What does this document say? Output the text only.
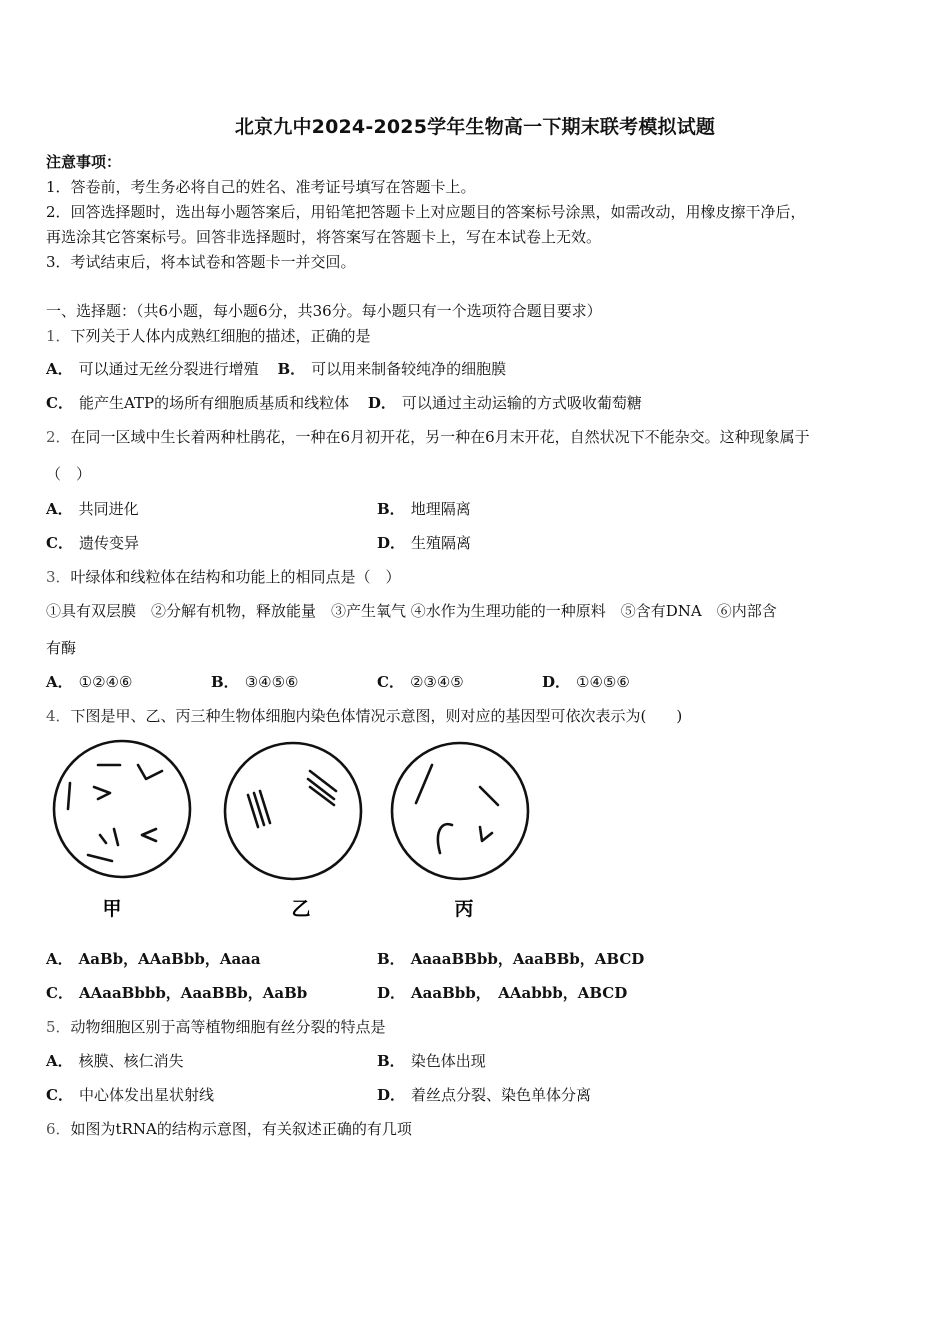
北京九中2024-2025学年生物高一下期末联考模拟试题
注意事项：
1．答卷前，考生务必将自己的姓名、准考证号填写在答题卡上。
2．回答选择题时，选出每小题答案后，用铅笔把答题卡上对应题目的答案标号涂黑，如需改动，用橡皮擦干净后，
再选涂其它答案标号。回答非选择题时，将答案写在答题卡上，写在本试卷上无效。
3．考试结束后，将本试卷和答题卡一并交回。
一、选择题：（共6小题，每小题6分，共36分。每小题只有一个选项符合题目要求）
1．下列关于人体内成熟红细胞的描述，正确的是
A． 可以通过无丝分裂进行增殖 B． 可以用来制备较纯净的细胞膜
C． 能产生ATP的场所有细胞质基质和线粒体 D． 可以通过主动运输的方式吸收葡萄糖
2．在同一区域中生长着两种杜鹃花，一种在6月初开花，另一种在6月末开花，自然状况下不能杂交。这种现象属于
（　）
A． 共同进化	B． 地理隔离
C． 遗传变异	D． 生殖隔离
3．叶绿体和线粒体在结构和功能上的相同点是（　）
①具有双层膜　②分解有机物，释放能量　③产生氧气 ④水作为生理功能的一种原料　⑤含有DNA　⑥内部含
有酶
A． ①②④⑥	B． ③④⑤⑥	C． ②③④⑤	D． ①④⑤⑥
4．下图是甲、乙、丙三种生物体细胞内染色体情况示意图，则对应的基因型可依次表示为(　　)
甲	乙	丙
A． AaBb，AAaBbb，Aaaa	B． AaaaBBbb，AaaBBb，ABCD
C． AAaaBbbb，AaaBBb，AaBb	D． AaaBbb，　AAabbb，ABCD
5．动物细胞区别于高等植物细胞有丝分裂的特点是
A． 核膜、核仁消失	B． 染色体出现
C． 中心体发出星状射线	D． 着丝点分裂、染色单体分离
6．如图为tRNA的结构示意图，有关叙述正确的有几项
